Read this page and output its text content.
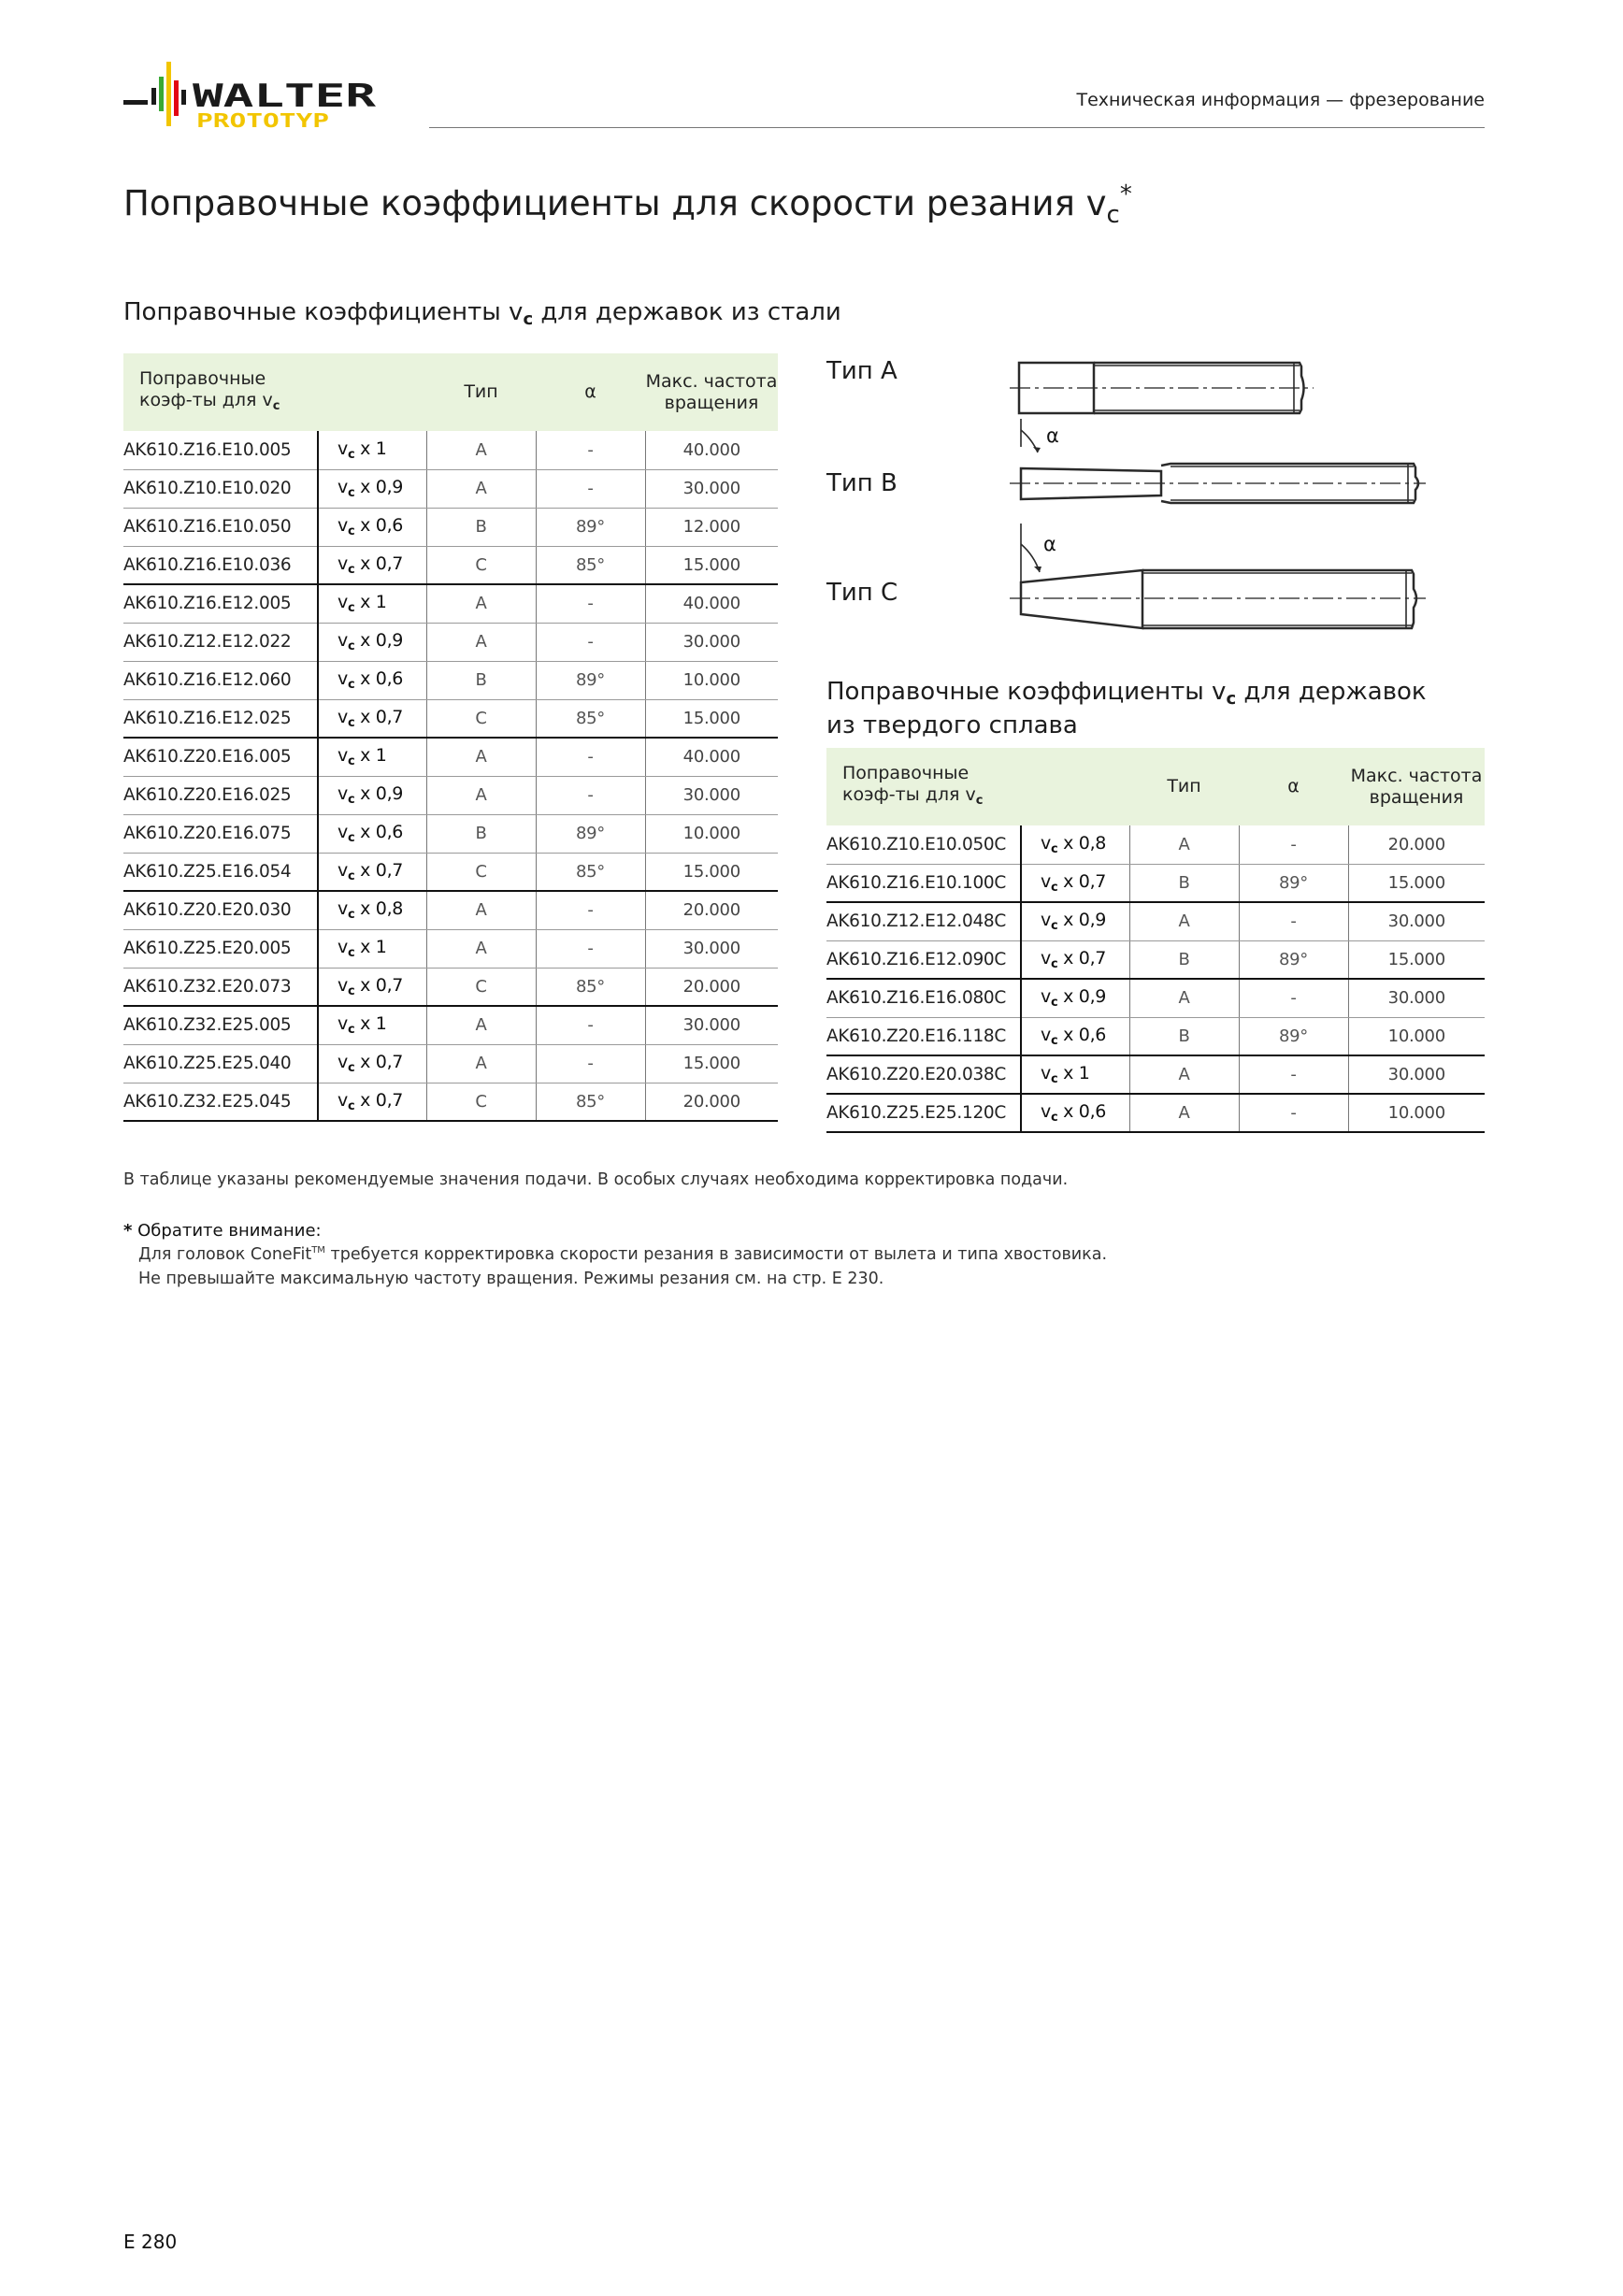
WALTER
PROTOTYP
Техническая информация — фрезерование
Поправочные коэффициенты для скорости резания $v_c^*$
Поправочные коэффициенты $v_c$ для державок из стали
Поправочные
коэф-ты для $v_c$		Тип	α	Макс. частота
вращения
AK610.Z16.E10.005	$v_c$ x 1	A	-	40.000
AK610.Z10.E10.020	$v_c$ x 0,9	A	-	30.000
AK610.Z16.E10.050	$v_c$ x 0,6	B	89°	12.000
AK610.Z16.E10.036	$v_c$ x 0,7	C	85°	15.000
AK610.Z16.E12.005	$v_c$ x 1	A	-	40.000
AK610.Z12.E12.022	$v_c$ x 0,9	A	-	30.000
AK610.Z16.E12.060	$v_c$ x 0,6	B	89°	10.000
AK610.Z16.E12.025	$v_c$ x 0,7	C	85°	15.000
AK610.Z20.E16.005	$v_c$ x 1	A	-	40.000
AK610.Z20.E16.025	$v_c$ x 0,9	A	-	30.000
AK610.Z20.E16.075	$v_c$ x 0,6	B	89°	10.000
AK610.Z25.E16.054	$v_c$ x 0,7	C	85°	15.000
AK610.Z20.E20.030	$v_c$ x 0,8	A	-	20.000
AK610.Z25.E20.005	$v_c$ x 1	A	-	30.000
AK610.Z32.E20.073	$v_c$ x 0,7	C	85°	20.000
AK610.Z32.E25.005	$v_c$ x 1	A	-	30.000
AK610.Z25.E25.040	$v_c$ x 0,7	A	-	15.000
AK610.Z32.E25.045	$v_c$ x 0,7	C	85°	20.000
Тип A
Тип B
Тип C
α
α
Поправочные коэффициенты $v_c$ для державок
из твердого сплава
Поправочные
коэф-ты для $v_c$		Тип	α	Макс. частота
вращения
AK610.Z10.E10.050C	$v_c$ x 0,8	A	-	20.000
AK610.Z16.E10.100C	$v_c$ x 0,7	B	89°	15.000
AK610.Z12.E12.048C	$v_c$ x 0,9	A	-	30.000
AK610.Z16.E12.090C	$v_c$ x 0,7	B	89°	15.000
AK610.Z16.E16.080C	$v_c$ x 0,9	A	-	30.000
AK610.Z20.E16.118C	$v_c$ x 0,6	B	89°	10.000
AK610.Z20.E20.038C	$v_c$ x 1	A	-	30.000
AK610.Z25.E25.120C	$v_c$ x 0,6	A	-	10.000
В таблице указаны рекомендуемые значения подачи. В особых случаях необходима корректировка подачи.
* Обратите внимание:
Для головок ConeFit™ требуется корректировка скорости резания в зависимости от вылета и типа хвостовика.
Не превышайте максимальную частоту вращения. Режимы резания см. на стр. E 230.
E 280
